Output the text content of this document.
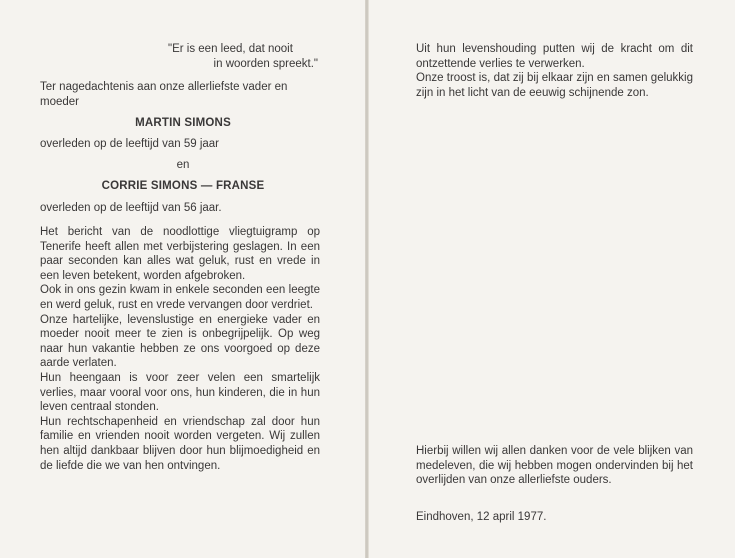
"Er is een leed, dat nooit
in woorden spreekt."

Ter nagedachtenis aan onze allerliefste vader en moeder

MARTIN SIMONS

overleden op de leeftijd van 59 jaar

en

CORRIE SIMONS — FRANSE

overleden op de leeftijd van 56 jaar.

Het bericht van de noodlottige vliegtuigramp op Tenerife heeft allen met verbijstering geslagen. In een paar seconden kan alles wat geluk, rust en vrede in een leven betekent, worden afgebroken.

Ook in ons gezin kwam in enkele seconden een leegte en werd geluk, rust en vrede vervangen door verdriet.

Onze hartelijke, levenslustige en energieke vader en moeder nooit meer te zien is onbegrijpelijk. Op weg naar hun vakantie hebben ze ons voorgoed op deze aarde verlaten.

Hun heengaan is voor zeer velen een smartelijk verlies, maar vooral voor ons, hun kinderen, die in hun leven centraal stonden.

Hun rechtschapenheid en vriendschap zal door hun familie en vrienden nooit worden vergeten. Wij zullen hen altijd dankbaar blijven door hun blijmoedigheid en de liefde die we van hen ontvingen.

Uit hun levenshouding putten wij de kracht om dit ontzettende verlies te verwerken.

Onze troost is, dat zij bij elkaar zijn en samen gelukkig zijn in het licht van de eeuwig schijnende zon.

Hierbij willen wij allen danken voor de vele blijken van medeleven, die wij hebben mogen ondervinden bij het overlijden van onze allerliefste ouders.

Eindhoven, 12 april 1977.
